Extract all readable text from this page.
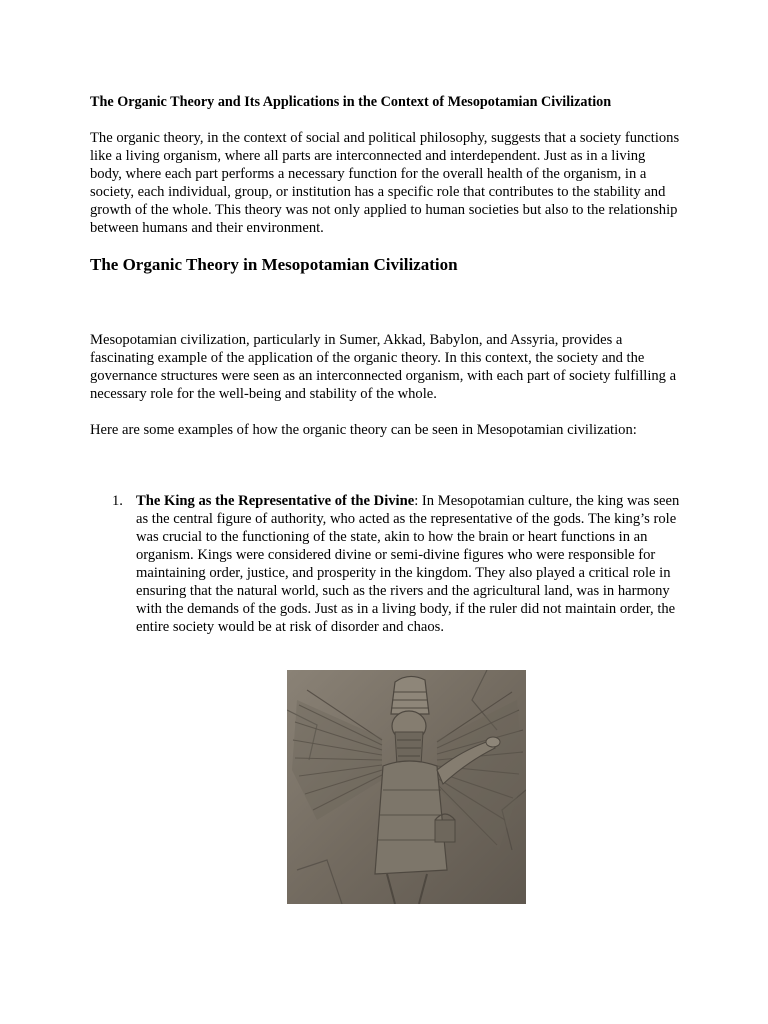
The Organic Theory and Its Applications in the Context of Mesopotamian Civilization

The organic theory, in the context of social and political philosophy, suggests that a society functions like a living organism, where all parts are interconnected and interdependent. Just as in a living body, where each part performs a necessary function for the overall health of the organism, in a society, each individual, group, or institution has a specific role that contributes to the stability and growth of the whole. This theory was not only applied to human societies but also to the relationship between humans and their environment.

The Organic Theory in Mesopotamian Civilization

Mesopotamian civilization, particularly in Sumer, Akkad, Babylon, and Assyria, provides a fascinating example of the application of the organic theory. In this context, the society and the governance structures were seen as an interconnected organism, with each part of society fulfilling a necessary role for the well-being and stability of the whole.

Here are some examples of how the organic theory can be seen in Mesopotamian civilization:

1. The King as the Representative of the Divine: In Mesopotamian culture, the king was seen as the central figure of authority, who acted as the representative of the gods. The king’s role was crucial to the functioning of the state, akin to how the brain or heart functions in an organism. Kings were considered divine or semi-divine figures who were responsible for maintaining order, justice, and prosperity in the kingdom. They also played a critical role in ensuring that the natural world, such as the rivers and the agricultural land, was in harmony with the demands of the gods. Just as in a living body, if the ruler did not maintain order, the entire society would be at risk of disorder and chaos.
